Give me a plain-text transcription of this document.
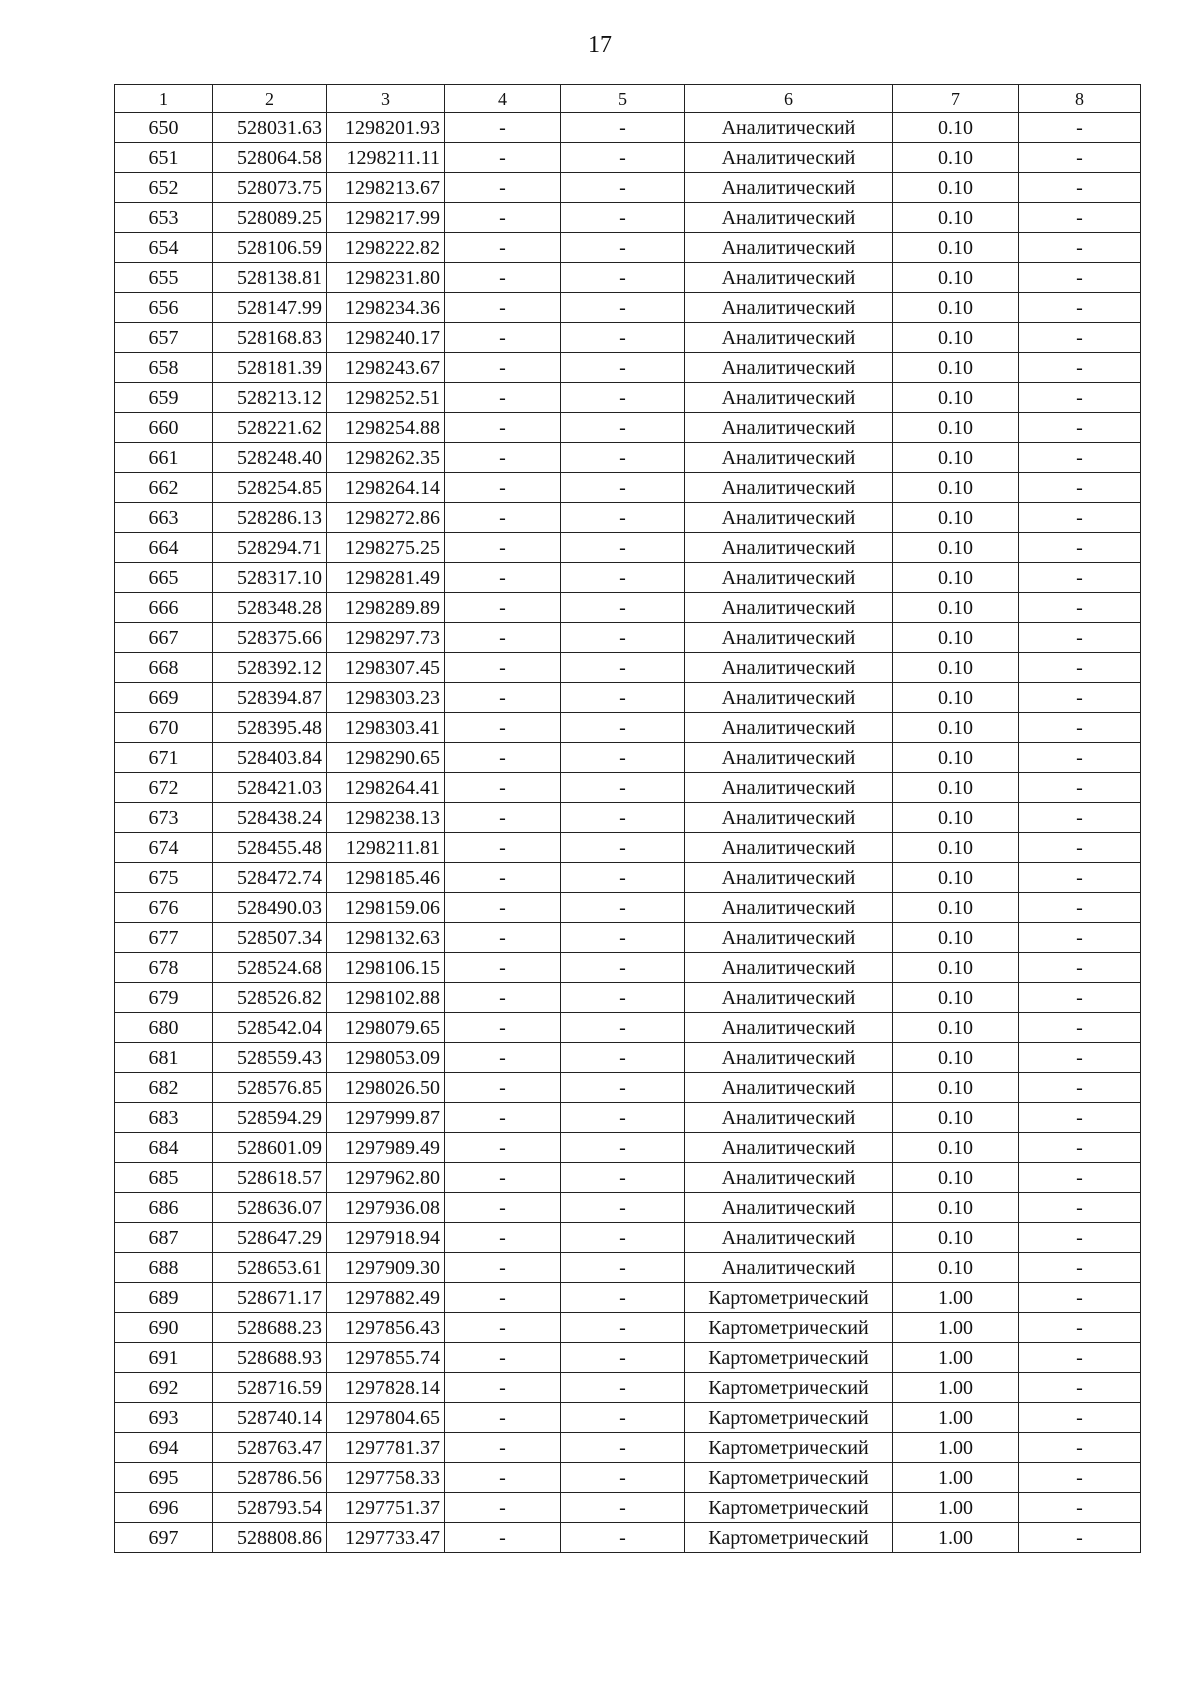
17
1	2	3	4	5	6	7	8
650	528031.63	1298201.93	-	-	Аналитический	0.10	-
651	528064.58	1298211.11	-	-	Аналитический	0.10	-
652	528073.75	1298213.67	-	-	Аналитический	0.10	-
653	528089.25	1298217.99	-	-	Аналитический	0.10	-
654	528106.59	1298222.82	-	-	Аналитический	0.10	-
655	528138.81	1298231.80	-	-	Аналитический	0.10	-
656	528147.99	1298234.36	-	-	Аналитический	0.10	-
657	528168.83	1298240.17	-	-	Аналитический	0.10	-
658	528181.39	1298243.67	-	-	Аналитический	0.10	-
659	528213.12	1298252.51	-	-	Аналитический	0.10	-
660	528221.62	1298254.88	-	-	Аналитический	0.10	-
661	528248.40	1298262.35	-	-	Аналитический	0.10	-
662	528254.85	1298264.14	-	-	Аналитический	0.10	-
663	528286.13	1298272.86	-	-	Аналитический	0.10	-
664	528294.71	1298275.25	-	-	Аналитический	0.10	-
665	528317.10	1298281.49	-	-	Аналитический	0.10	-
666	528348.28	1298289.89	-	-	Аналитический	0.10	-
667	528375.66	1298297.73	-	-	Аналитический	0.10	-
668	528392.12	1298307.45	-	-	Аналитический	0.10	-
669	528394.87	1298303.23	-	-	Аналитический	0.10	-
670	528395.48	1298303.41	-	-	Аналитический	0.10	-
671	528403.84	1298290.65	-	-	Аналитический	0.10	-
672	528421.03	1298264.41	-	-	Аналитический	0.10	-
673	528438.24	1298238.13	-	-	Аналитический	0.10	-
674	528455.48	1298211.81	-	-	Аналитический	0.10	-
675	528472.74	1298185.46	-	-	Аналитический	0.10	-
676	528490.03	1298159.06	-	-	Аналитический	0.10	-
677	528507.34	1298132.63	-	-	Аналитический	0.10	-
678	528524.68	1298106.15	-	-	Аналитический	0.10	-
679	528526.82	1298102.88	-	-	Аналитический	0.10	-
680	528542.04	1298079.65	-	-	Аналитический	0.10	-
681	528559.43	1298053.09	-	-	Аналитический	0.10	-
682	528576.85	1298026.50	-	-	Аналитический	0.10	-
683	528594.29	1297999.87	-	-	Аналитический	0.10	-
684	528601.09	1297989.49	-	-	Аналитический	0.10	-
685	528618.57	1297962.80	-	-	Аналитический	0.10	-
686	528636.07	1297936.08	-	-	Аналитический	0.10	-
687	528647.29	1297918.94	-	-	Аналитический	0.10	-
688	528653.61	1297909.30	-	-	Аналитический	0.10	-
689	528671.17	1297882.49	-	-	Картометрический	1.00	-
690	528688.23	1297856.43	-	-	Картометрический	1.00	-
691	528688.93	1297855.74	-	-	Картометрический	1.00	-
692	528716.59	1297828.14	-	-	Картометрический	1.00	-
693	528740.14	1297804.65	-	-	Картометрический	1.00	-
694	528763.47	1297781.37	-	-	Картометрический	1.00	-
695	528786.56	1297758.33	-	-	Картометрический	1.00	-
696	528793.54	1297751.37	-	-	Картометрический	1.00	-
697	528808.86	1297733.47	-	-	Картометрический	1.00	-
